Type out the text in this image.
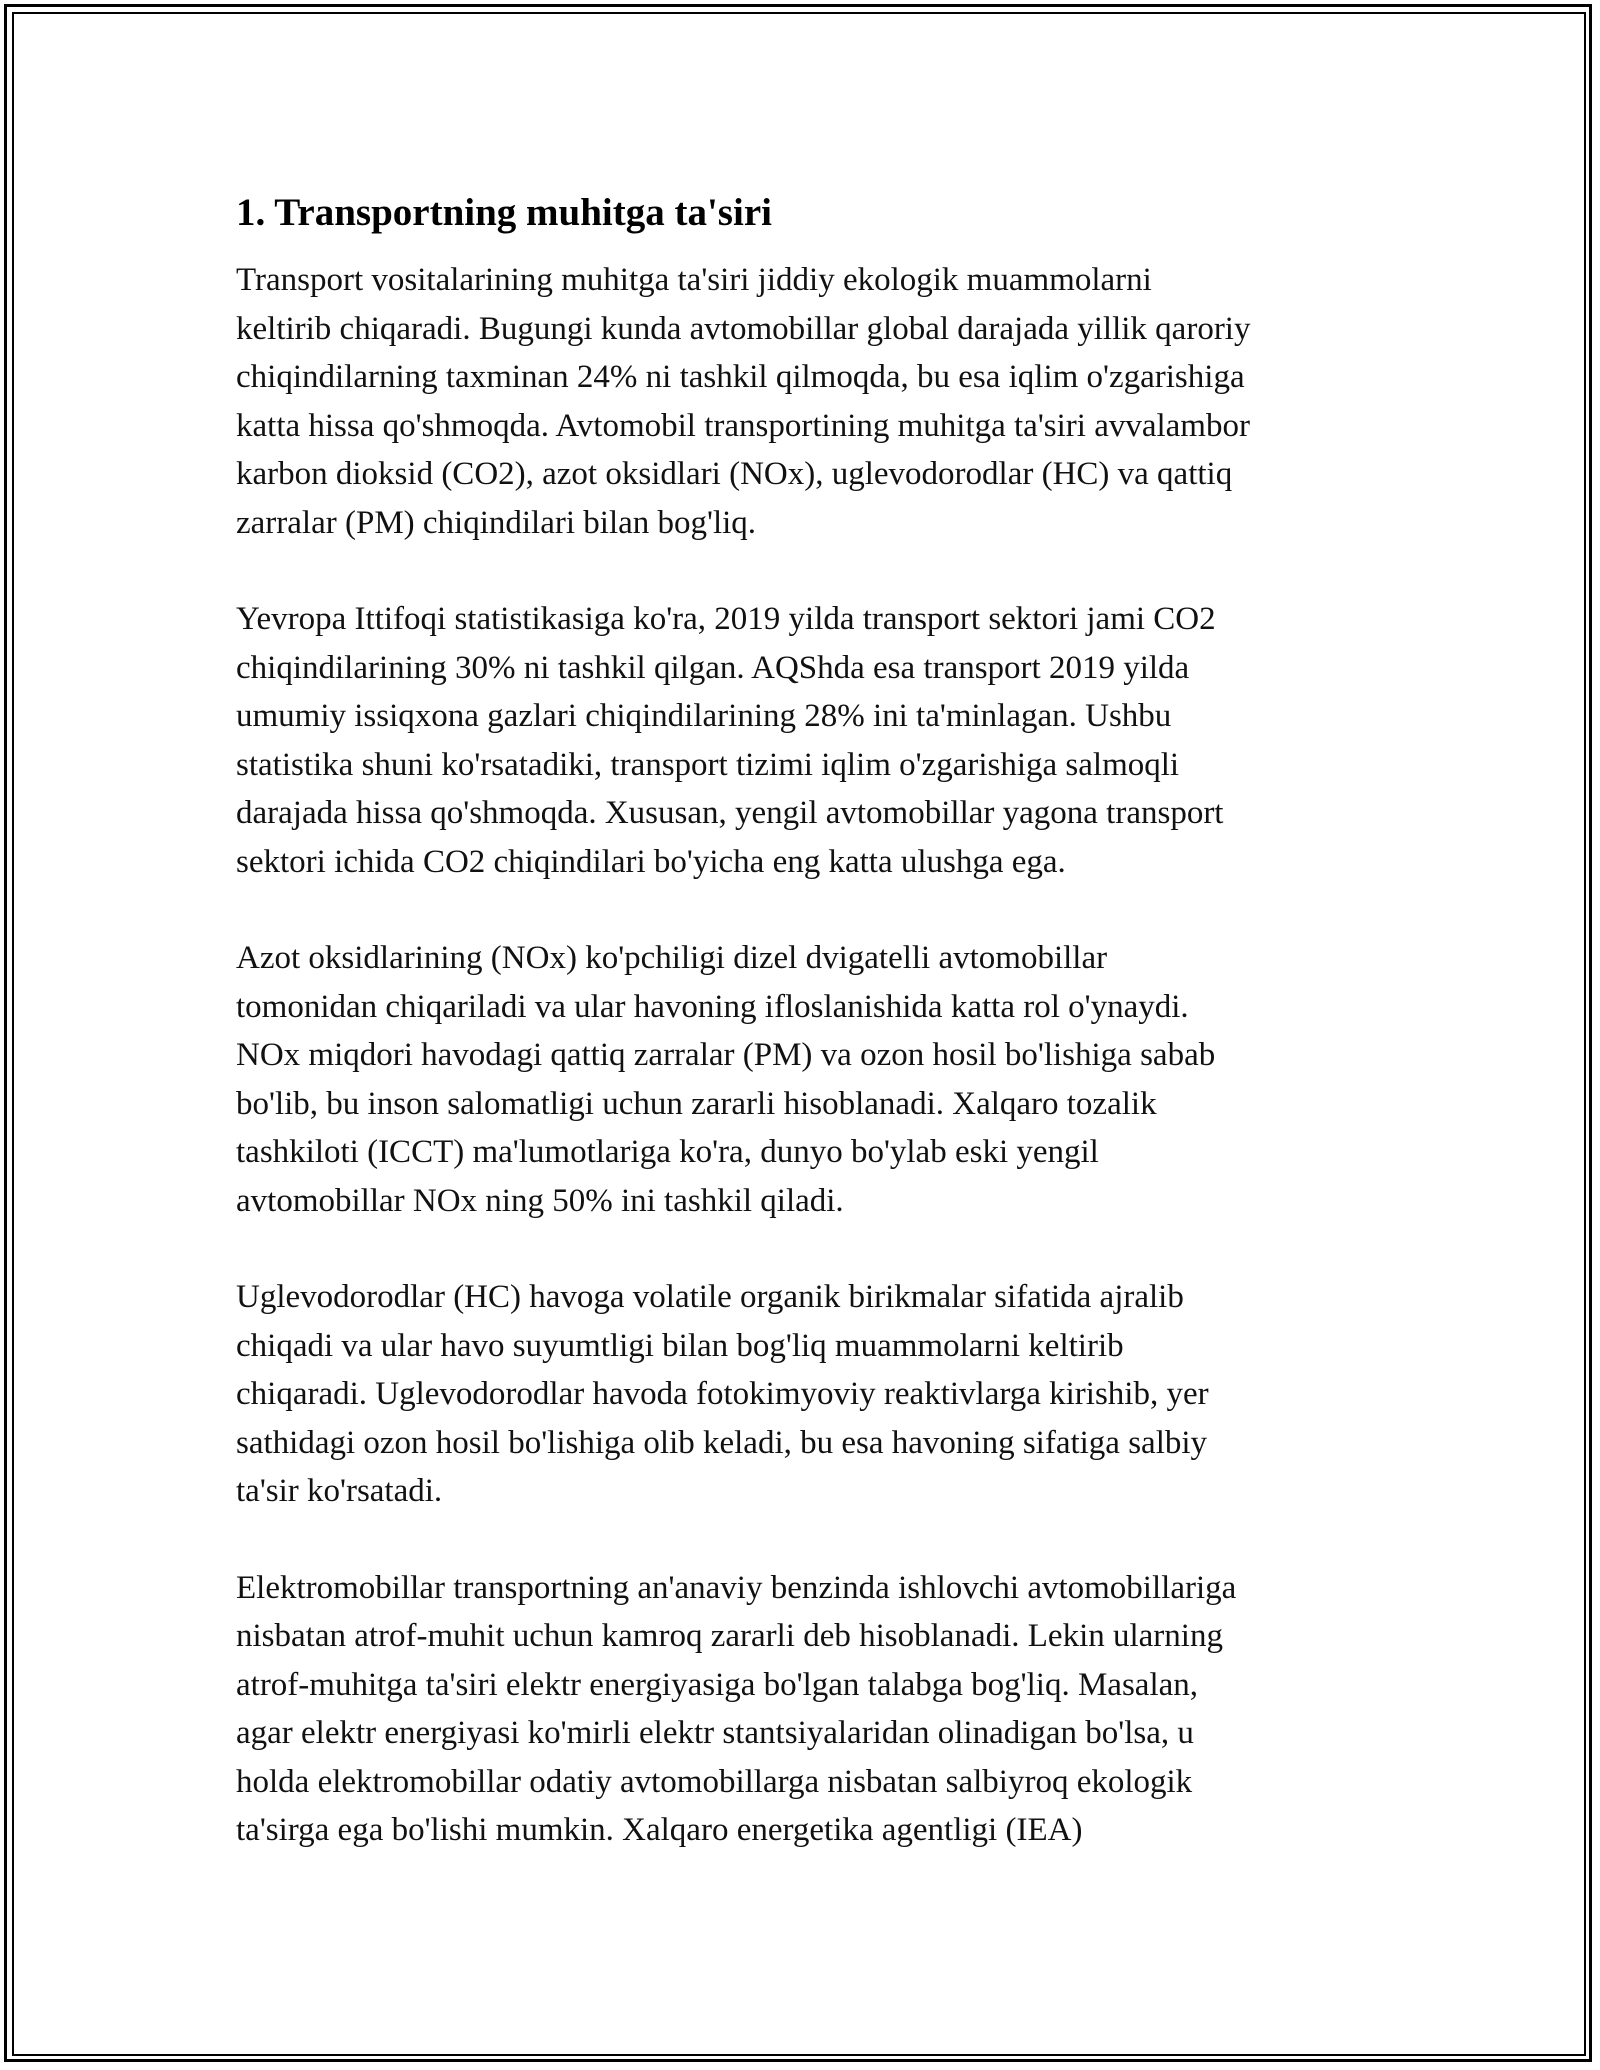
1. Transportning muhitga ta'siri

Transport vositalarining muhitga ta'siri jiddiy ekologik muammolarni
keltirib chiqaradi. Bugungi kunda avtomobillar global darajada yillik qaroriy
chiqindilarning taxminan 24% ni tashkil qilmoqda, bu esa iqlim o'zgarishiga
katta hissa qo'shmoqda. Avtomobil transportining muhitga ta'siri avvalambor
karbon dioksid (CO2), azot oksidlari (NOx), uglevodorodlar (HC) va qattiq
zarralar (PM) chiqindilari bilan bog'liq.

Yevropa Ittifoqi statistikasiga ko'ra, 2019 yilda transport sektori jami CO2
chiqindilarining 30% ni tashkil qilgan. AQShda esa transport 2019 yilda
umumiy issiqxona gazlari chiqindilarining 28% ini ta'minlagan. Ushbu
statistika shuni ko'rsatadiki, transport tizimi iqlim o'zgarishiga salmoqli
darajada hissa qo'shmoqda. Xususan, yengil avtomobillar yagona transport
sektori ichida CO2 chiqindilari bo'yicha eng katta ulushga ega.

Azot oksidlarining (NOx) ko'pchiligi dizel dvigatelli avtomobillar
tomonidan chiqariladi va ular havoning ifloslanishida katta rol o'ynaydi.
NOx miqdori havodagi qattiq zarralar (PM) va ozon hosil bo'lishiga sabab
bo'lib, bu inson salomatligi uchun zararli hisoblanadi. Xalqaro tozalik
tashkiloti (ICCT) ma'lumotlariga ko'ra, dunyo bo'ylab eski yengil
avtomobillar NOx ning 50% ini tashkil qiladi.

Uglevodorodlar (HC) havoga volatile organik birikmalar sifatida ajralib
chiqadi va ular havo suyumtligi bilan bog'liq muammolarni keltirib
chiqaradi. Uglevodorodlar havoda fotokimyoviy reaktivlarga kirishib, yer
sathidagi ozon hosil bo'lishiga olib keladi, bu esa havoning sifatiga salbiy
ta'sir ko'rsatadi.

Elektromobillar transportning an'anaviy benzinda ishlovchi avtomobillariga
nisbatan atrof-muhit uchun kamroq zararli deb hisoblanadi. Lekin ularning
atrof-muhitga ta'siri elektr energiyasiga bo'lgan talabga bog'liq. Masalan,
agar elektr energiyasi ko'mirli elektr stantsiyalaridan olinadigan bo'lsa, u
holda elektromobillar odatiy avtomobillarga nisbatan salbiyroq ekologik
ta'sirga ega bo'lishi mumkin. Xalqaro energetika agentligi (IEA)
